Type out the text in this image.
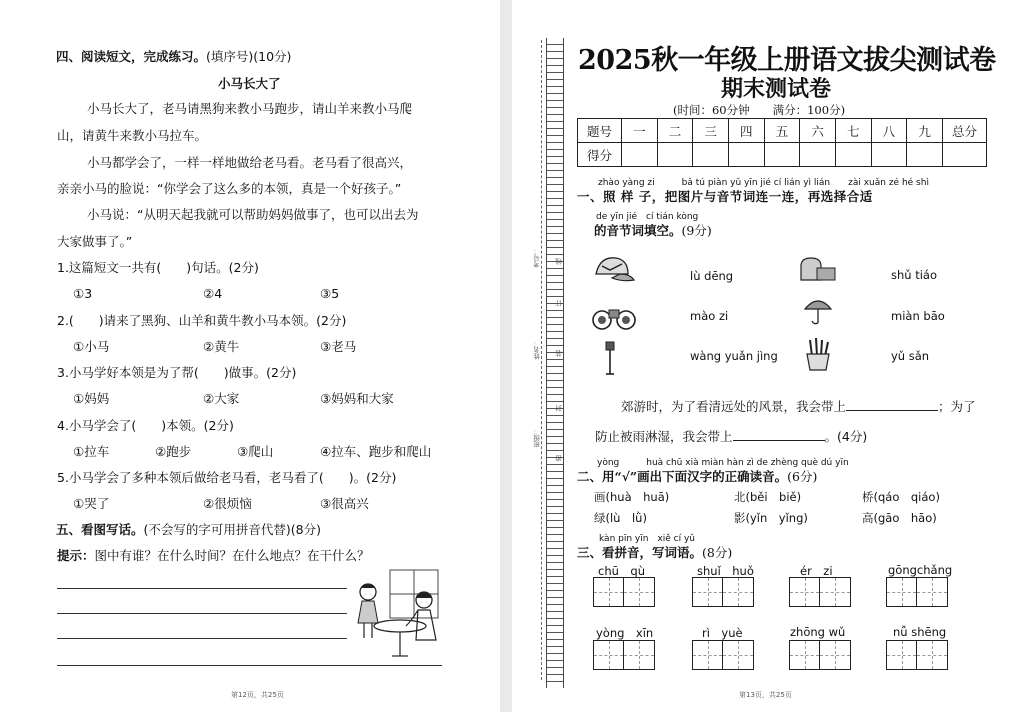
四、阅读短文，完成练习。(填序号)(10分)
小马长大了
小马长大了，老马请黑狗来教小马跑步，请山羊来教小马爬
山，请黄牛来教小马拉车。
小马都学会了，一样一样地做给老马看。老马看了很高兴，
亲亲小马的脸说：“你学会了这么多的本领，真是一个好孩子。”
小马说：“从明天起我就可以帮助妈妈做事了，也可以出去为
大家做事了。”
1.这篇短文一共有(　　)句话。(2分)
①3	②4	③5
2.(　　)请来了黑狗、山羊和黄牛教小马本领。(2分)
①小马	②黄牛	③老马
3.小马学好本领是为了帮(　　)做事。(2分)
①妈妈	②大家	③妈妈和大家
4.小马学会了(　　)本领。(2分)
①拉车	②跑步	③爬山	④拉车、跑步和爬山
5.小马学会了多种本领后做给老马看，老马看了(　　)。(2分)
①哭了	②很烦恼	③很高兴
五、看图写话。(不会写的字可用拼音代替)(8分)
提示：图中有谁？在什么时间？在什么地点？在干什么？
第12页，共25页
考号：
姓名：
班级：
线
订
装
封
密
2025秋一年级上册语文拔尖测试卷
期末测试卷
(时间：60分钟　　满分：100分)
题号	一	二	三	四	五	六	七	八	九	总分
得分										
zhào yàng zi　　　bǎ tú piàn yǔ yīn jié cí lián yì lián　　zài xuǎn zé hé shì
一、照 样 子，把图片与音节词连一连，再选择合适
de yīn jié　cí tián kòng
的音节词填空。(9分)
lù dēng
mào zi
wàng yuǎn jìng
shǔ tiáo
miàn bāo
yǔ sǎn
郊游时，为了看清远处的风景，我会带上	；为了
防止被雨淋湿，我会带上	。(4分)
yòng　　　huà chū xià miàn hàn zì de zhèng què dú yīn
二、用“√”画出下面汉字的正确读音。(6分)
画(huà　huā)	北(běi　biě)	桥(qáo　qiáo)
绿(lù　lǜ)	影(yǐn　yǐng)	高(gāo　hāo)
kàn pīn yīn　xiě cí yǔ
三、看拼音，写词语。(8分)
chū　qù	shuǐ　huǒ	ér　zi	gōngchǎng
yòng　xīn	rì　yuè	zhōng wǔ	nǚ shēng
第13页，共25页
